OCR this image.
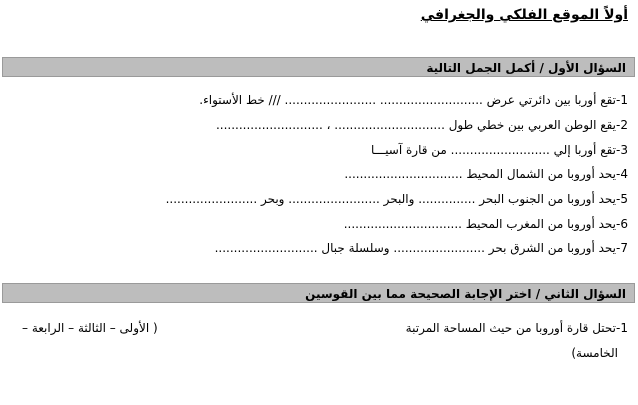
أولاً الموقع الفلكي والجغرافي
السؤال الأول / أكمل الجمل التالية
1-تقع أوربا بين دائرتي عرض ........................... ........................ /// خط الأستواء.
2-يقع الوطن العربي بين خطي طول ............................. ، ............................
3-تقع أوربا إلي .......................... من قارة آسيـــا
4-يحد أوروبا من الشمال المحيط ...............................
5-يحد أوروبا من الجنوب البحر ............... والبحر ........................ وبحر ........................
6-يحد أوروبا من المغرب المحيط ...............................
7-يحد أوروبا من الشرق بحر ........................ وسلسلة جبال ...........................
السؤال الثاني / اختر الإجابة الصحيحة مما بين القوسين
1-تحتل قارة أوروبا من حيث المساحة المرتبة
( الأولى – الثالثة – الرابعة –
الخامسة)
